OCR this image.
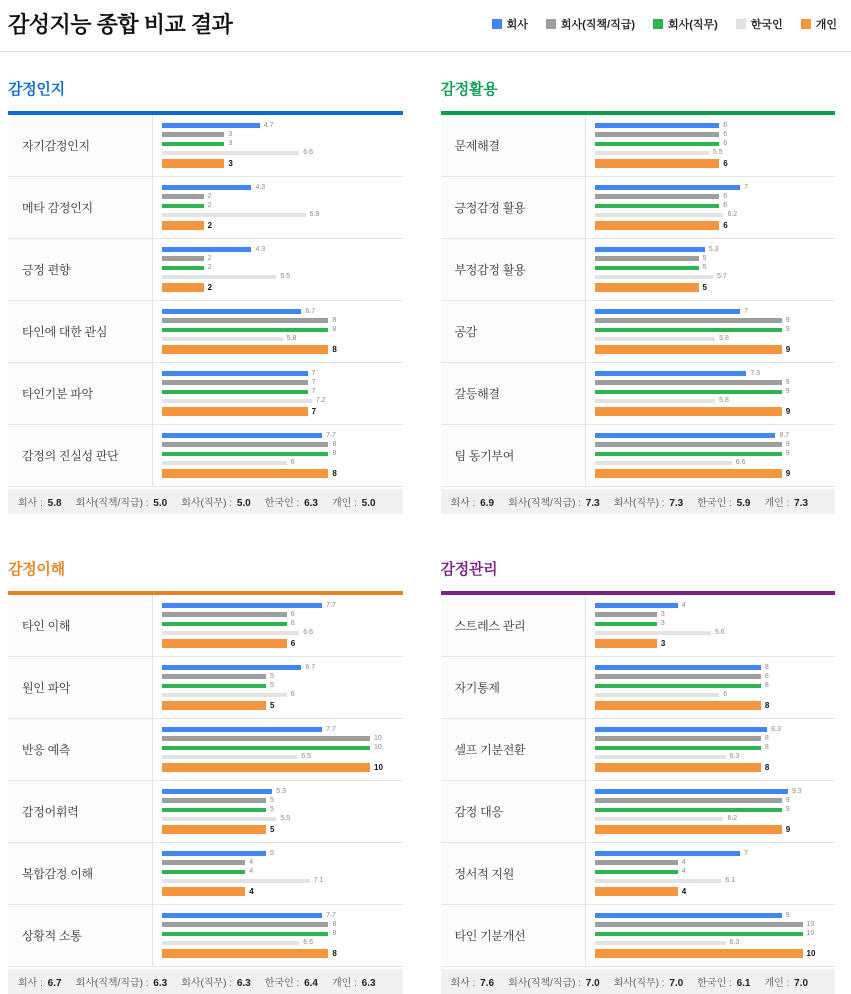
감성지능 종합 비교 결과	회사	회사(직책/직급)	회사(직무)	한국인	개인
감정인지
자기감정인지
4.7
3
3
6.6
3
메타 감정인지
4.3
2
2
6.9
2
긍정 편향
4.3
2
2
5.5
2
타인에 대한 관심
6.7
8
8
5.8
8
타인기분 파악
7
7
7
7.2
7
감정의 진실성 판단
7.7
8
8
6
8
회사 : 5.8 회사(직책/직급) : 5.0 회사(직무) : 5.0 한국인 : 6.3 개인 : 5.0
감정활용
문제해결
6
6
6
5.5
6
긍정감정 활용
7
6
6
6.2
6
부정감정 활용
5.3
5
5
5.7
5
공감
7
9
9
5.8
9
갈등해결
7.3
9
9
5.8
9
팀 동기부여
8.7
9
9
6.6
9
회사 : 6.9 회사(직책/직급) : 7.3 회사(직무) : 7.3 한국인 : 5.9 개인 : 7.3
감정이해
타인 이해
7.7
6
6
6.6
6
원인 파악
6.7
5
5
6
5
반응 예측
7.7
10
10
6.5
10
감정어휘력
5.3
5
5
5.5
5
복합감정 이해
5
4
4
7.1
4
상황적 소통
7.7
8
8
6.6
8
회사 : 6.7 회사(직책/직급) : 6.3 회사(직무) : 6.3 한국인 : 6.4 개인 : 6.3
감정관리
스트레스 관리
4
3
3
5.6
3
자기통제
8
8
8
6
8
셀프 기분전환
8.3
8
8
6.3
8
감정 대응
9.3
9
9
6.2
9
정서적 지원
7
4
4
6.1
4
타인 기분개선
9
10
10
6.3
10
회사 : 7.6 회사(직책/직급) : 7.0 회사(직무) : 7.0 한국인 : 6.1 개인 : 7.0
